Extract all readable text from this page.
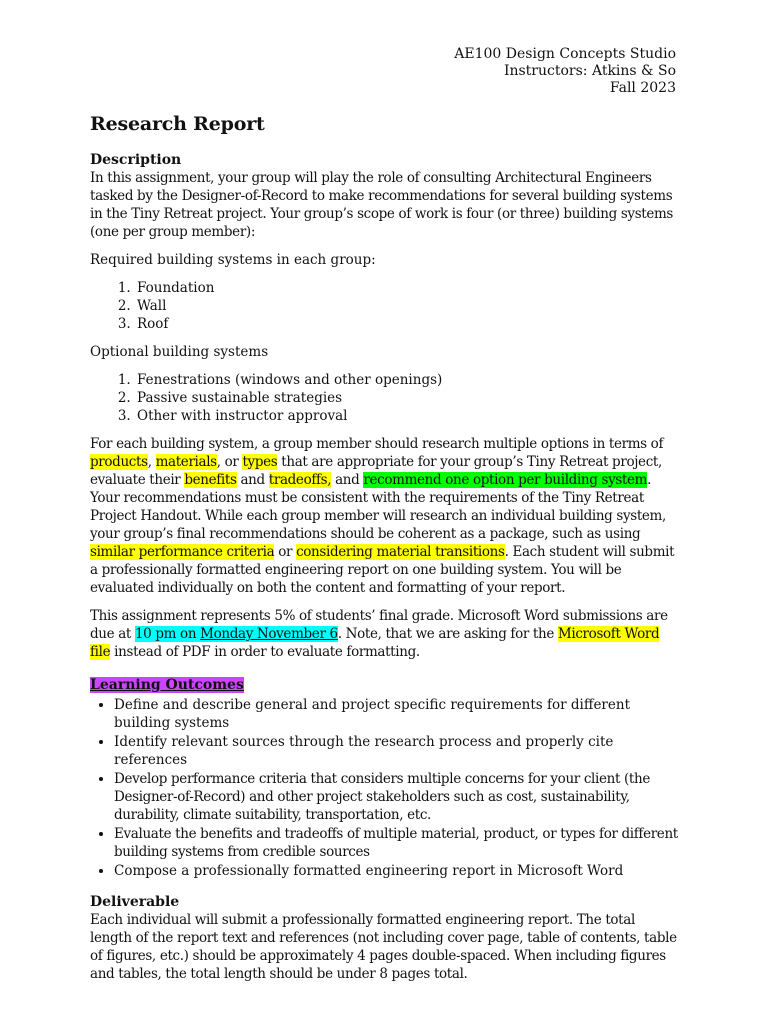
AE100 Design Concepts Studio
Instructors: Atkins & So
Fall 2023
Research Report
Description

In this assignment, your group will play the role of consulting Architectural Engineers tasked by the Designer-of-Record to make recommendations for several building systems in the Tiny Retreat project. Your group’s scope of work is four (or three) building systems (one per group member):

Required building systems in each group:

1. Foundation
2. Wall
3. Roof

Optional building systems

1. Fenestrations (windows and other openings)
2. Passive sustainable strategies
3. Other with instructor approval

For each building system, a group member should research multiple options in terms of products, materials, or types that are appropriate for your group’s Tiny Retreat project, evaluate their benefits and tradeoffs, and recommend one option per building system. Your recommendations must be consistent with the requirements of the Tiny Retreat Project Handout. While each group member will research an individual building system, your group’s final recommendations should be coherent as a package, such as using similar performance criteria or considering material transitions. Each student will submit a professionally formatted engineering report on one building system. You will be evaluated individually on both the content and formatting of your report.

This assignment represents 5% of students’ final grade. Microsoft Word submissions are due at 10 pm on Monday November 6. Note, that we are asking for the Microsoft Word file instead of PDF in order to evaluate formatting.

Learning Outcomes
• Define and describe general and project specific requirements for different building systems
• Identify relevant sources through the research process and properly cite references
• Develop performance criteria that considers multiple concerns for your client (the Designer-of-Record) and other project stakeholders such as cost, sustainability, durability, climate suitability, transportation, etc.
• Evaluate the benefits and tradeoffs of multiple material, product, or types for different building systems from credible sources
• Compose a professionally formatted engineering report in Microsoft Word
Deliverable

Each individual will submit a professionally formatted engineering report. The total length of the report text and references (not including cover page, table of contents, table of figures, etc.) should be approximately 4 pages double-spaced. When including figures and tables, the total length should be under 8 pages total.
